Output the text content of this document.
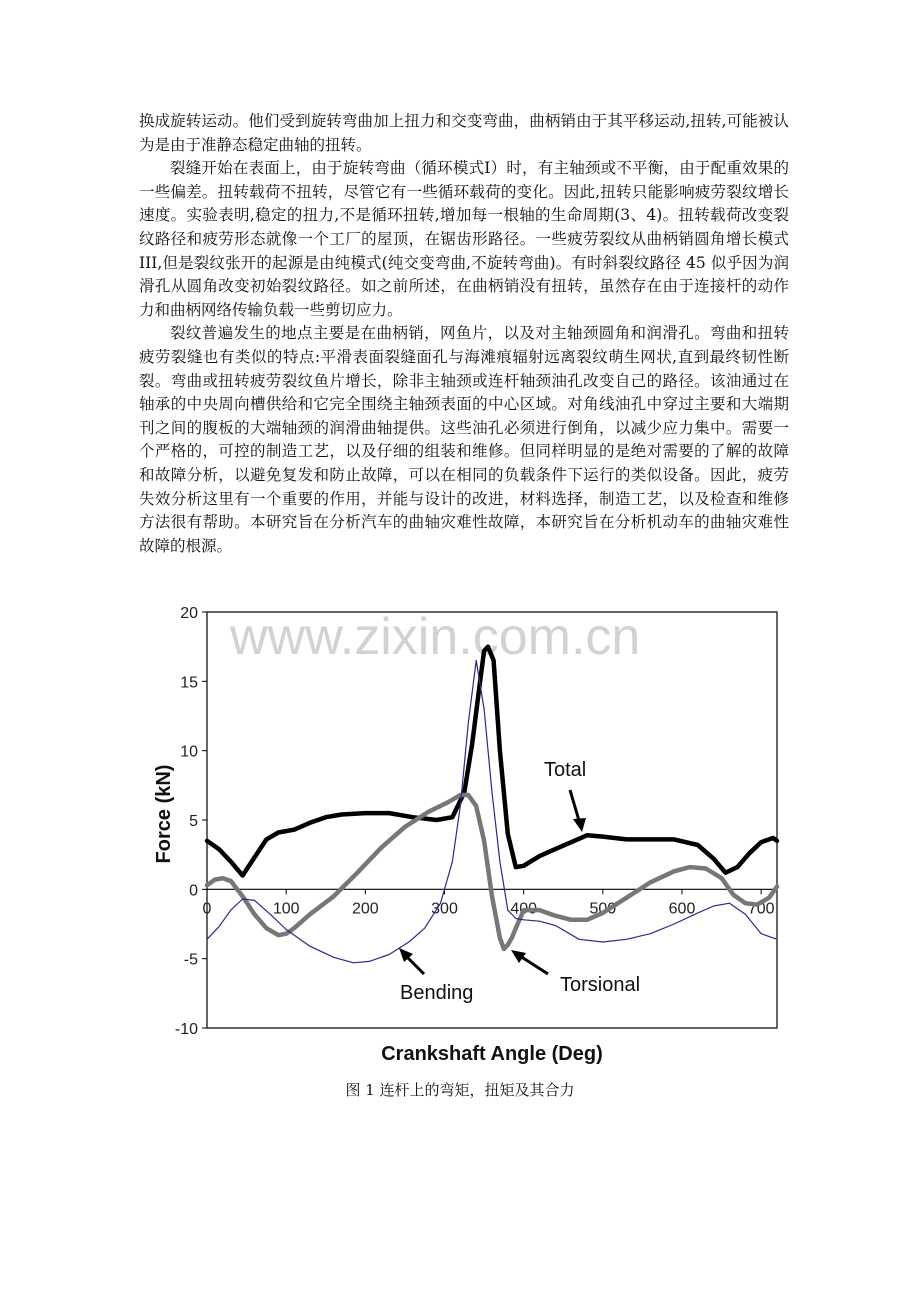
换成旋转运动。他们受到旋转弯曲加上扭力和交变弯曲，曲柄销由于其平移运动,扭转,可能被认为是由于准静态稳定曲轴的扭转。

裂缝开始在表面上，由于旋转弯曲（循环模式Ⅰ）时，有主轴颈或不平衡，由于配重效果的一些偏差。扭转载荷不扭转，尽管它有一些循环载荷的变化。因此,扭转只能影响疲劳裂纹增长速度。实验表明,稳定的扭力,不是循环扭转,增加每一根轴的生命周期(3、4)。扭转载荷改变裂纹路径和疲劳形态就像一个工厂的屋顶，在锯齿形路径。一些疲劳裂纹从曲柄销圆角增长模式III,但是裂纹张开的起源是由纯模式(纯交变弯曲,不旋转弯曲)。有时斜裂纹路径 45 似乎因为润滑孔从圆角改变初始裂纹路径。如之前所述，在曲柄销没有扭转，虽然存在由于连接杆的动作力和曲柄网络传输负载一些剪切应力。

裂纹普遍发生的地点主要是在曲柄销，网鱼片，以及对主轴颈圆角和润滑孔。弯曲和扭转疲劳裂缝也有类似的特点:平滑表面裂缝面孔与海滩痕辐射远离裂纹萌生网状,直到最终韧性断裂。弯曲或扭转疲劳裂纹鱼片增长，除非主轴颈或连杆轴颈油孔改变自己的路径。该油通过在轴承的中央周向槽供给和它完全围绕主轴颈表面的中心区域。对角线油孔中穿过主要和大端期刊之间的腹板的大端轴颈的润滑曲轴提供。这些油孔必须进行倒角，以减少应力集中。需要一个严格的，可控的制造工艺，以及仔细的组装和维修。但同样明显的是绝对需要的了解的故障和故障分析，以避免复发和防止故障，可以在相同的负载条件下运行的类似设备。因此，疲劳失效分析这里有一个重要的作用，并能与设计的改进，材料选择，制造工艺，以及检查和维修方法很有帮助。本研究旨在分析汽车的曲轴灾难性故障，本研究旨在分析机动车的曲轴灾难性故障的根源。

www.zixin.com.cn
20
15
10
5
0
-5
-10
0	100	200	300	400	500	600	700
Force (kN)
Crankshaft Angle (Deg)
Total
Torsional
Bending
图 1 连杆上的弯矩，扭矩及其合力
